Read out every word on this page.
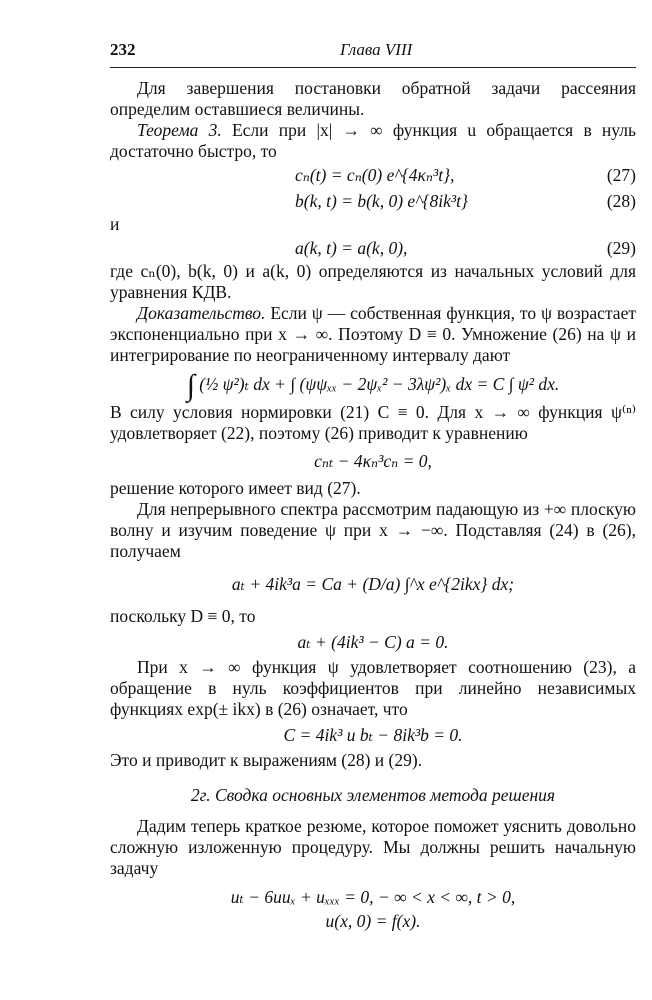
232	Глава VIII

Для завершения постановки обратной задачи рассеяния определим оставшиеся величины.

Теорема 3. Если при |x| → ∞ функция u обращается в нуль достаточно быстро, то

cₙ(t) = cₙ(0) e^{4κₙ³t},	(27)
b(k, t) = b(k, 0) e^{8ik³t}	(28)

и

a(k, t) = a(k, 0),	(29)

где cₙ(0), b(k, 0) и a(k, 0) определяются из начальных условий для уравнения КДВ.

Доказательство. Если ψ — собственная функция, то ψ возрастает экспоненциально при x → ∞. Поэтому D ≡ 0. Умножение (26) на ψ и интегрирование по неограниченному интервалу дают

∫ (½ ψ²)ₜ dx + ∫ (ψψₓₓ − 2ψₓ² − 3λψ²)ₓ dx = C ∫ ψ² dx.

В силу условия нормировки (21) C ≡ 0. Для x → ∞ функция ψ⁽ⁿ⁾ удовлетворяет (22), поэтому (26) приводит к уравнению

cₙₜ − 4κₙ³cₙ = 0,

решение которого имеет вид (27).

Для непрерывного спектра рассмотрим падающую из +∞ плоскую волну и изучим поведение ψ при x → −∞. Подставляя (24) в (26), получаем

aₜ + 4ik³a = Ca + (D/a) ∫^x e^{2ikx} dx;

поскольку D ≡ 0, то

aₜ + (4ik³ − C) a = 0.

При x → ∞ функция ψ удовлетворяет соотношению (23), а обращение в нуль коэффициентов при линейно независимых функциях exp(± ikx) в (26) означает, что

C = 4ik³ и bₜ − 8ik³b = 0.

Это и приводит к выражениям (28) и (29).

2г. Сводка основных элементов метода решения

Дадим теперь краткое резюме, которое поможет уяснить довольно сложную изложенную процедуру. Мы должны решить начальную задачу

uₜ − 6uuₓ + uₓₓₓ = 0, − ∞ < x < ∞, t > 0,
u(x, 0) = f(x).
